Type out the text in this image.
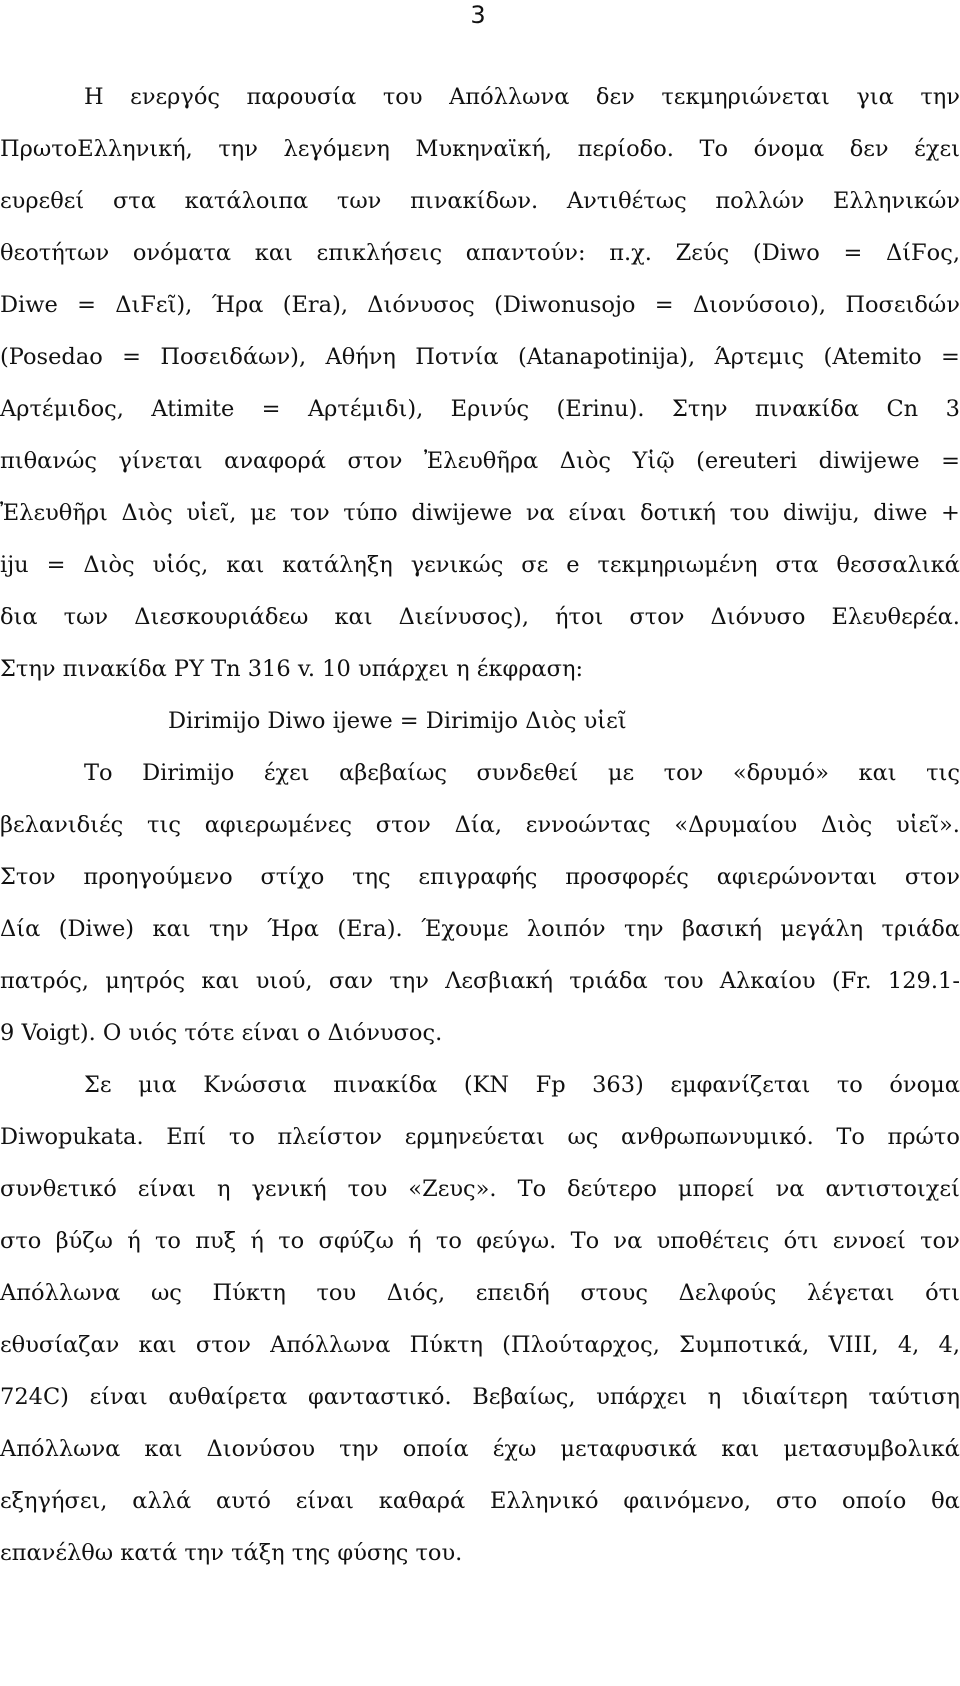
3
Η ενεργός παρουσία του Απόλλωνα δεν τεκμηριώνεται για την
ΠρωτοΕλληνική, την λεγόμενη Μυκηναϊκή, περίοδο. Το όνομα δεν έχει
ευρεθεί στα κατάλοιπα των πινακίδων. Αντιθέτως πολλών Ελληνικών
θεοτήτων ονόματα και επικλήσεις απαντούν: π.χ. Ζεύς (Diwo = ΔίϜος,
Diwe = ΔιϜεῖ), Ήρα (Era), Διόνυσος (Diwonusojo = Διονύσοιο), Ποσειδών
(Posedao = Ποσειδάων), Αθήνη Ποτνία (Atanapotinija), Άρτεμις (Atemito =
Αρτέμιδος, Atimite = Αρτέμιδι), Ερινύς (Erinu). Στην πινακίδα Cn 3
πιθανώς γίνεται αναφορά στον Ἐλευθῆρα Διὸς Υἱῷ (ereuteri diwijewe =
Ἐλευθῆρι Διὸς υἱεῖ, με τον τύπο diwijewe να είναι δοτική του diwiju, diwe +
iju = Διὸς υἱός, και κατάληξη γενικώς σε e τεκμηριωμένη στα θεσσαλικά
δια των Διεσκουριάδεω και Διείνυσος), ήτοι στον Διόνυσο Ελευθερέα.
Στην πινακίδα PY Tn 316 v. 10 υπάρχει η έκφραση:
Dirimijo Diwo ijewe = Dirimijo Διὸς υἱεῖ
Το Dirimijo έχει αβεβαίως συνδεθεί με τον «δρυμό» και τις
βελανιδιές τις αφιερωμένες στον Δία, εννοώντας «Δρυμαίου Διὸς υἱεῖ».
Στον προηγούμενο στίχο της επιγραφής προσφορές αφιερώνονται στον
Δία (Diwe) και την Ήρα (Era). Έχουμε λοιπόν την βασική μεγάλη τριάδα
πατρός, μητρός και υιού, σαν την Λεσβιακή τριάδα του Αλκαίου (Fr. 129.1-
9 Voigt). Ο υιός τότε είναι ο Διόνυσος.
Σε μια Κνώσσια πινακίδα (KN Fp 363) εμφανίζεται το όνομα
Diwopukata. Επί το πλείστον ερμηνεύεται ως ανθρωπωνυμικό. Το πρώτο
συνθετικό είναι η γενική του «Ζευς». Το δεύτερο μπορεί να αντιστοιχεί
στο βύζω ή το πυξ ή το σφύζω ή το φεύγω. Το να υποθέτεις ότι εννοεί τον
Απόλλωνα ως Πύκτη του Διός, επειδή στους Δελφούς λέγεται ότι
εθυσίαζαν και στον Απόλλωνα Πύκτη (Πλούταρχος, Συμποτικά, VIII, 4, 4,
724C) είναι αυθαίρετα φανταστικό. Βεβαίως, υπάρχει η ιδιαίτερη ταύτιση
Απόλλωνα και Διονύσου την οποία έχω μεταφυσικά και μετασυμβολικά
εξηγήσει, αλλά αυτό είναι καθαρά Ελληνικό φαινόμενο, στο οποίο θα
επανέλθω κατά την τάξη της φύσης του.
